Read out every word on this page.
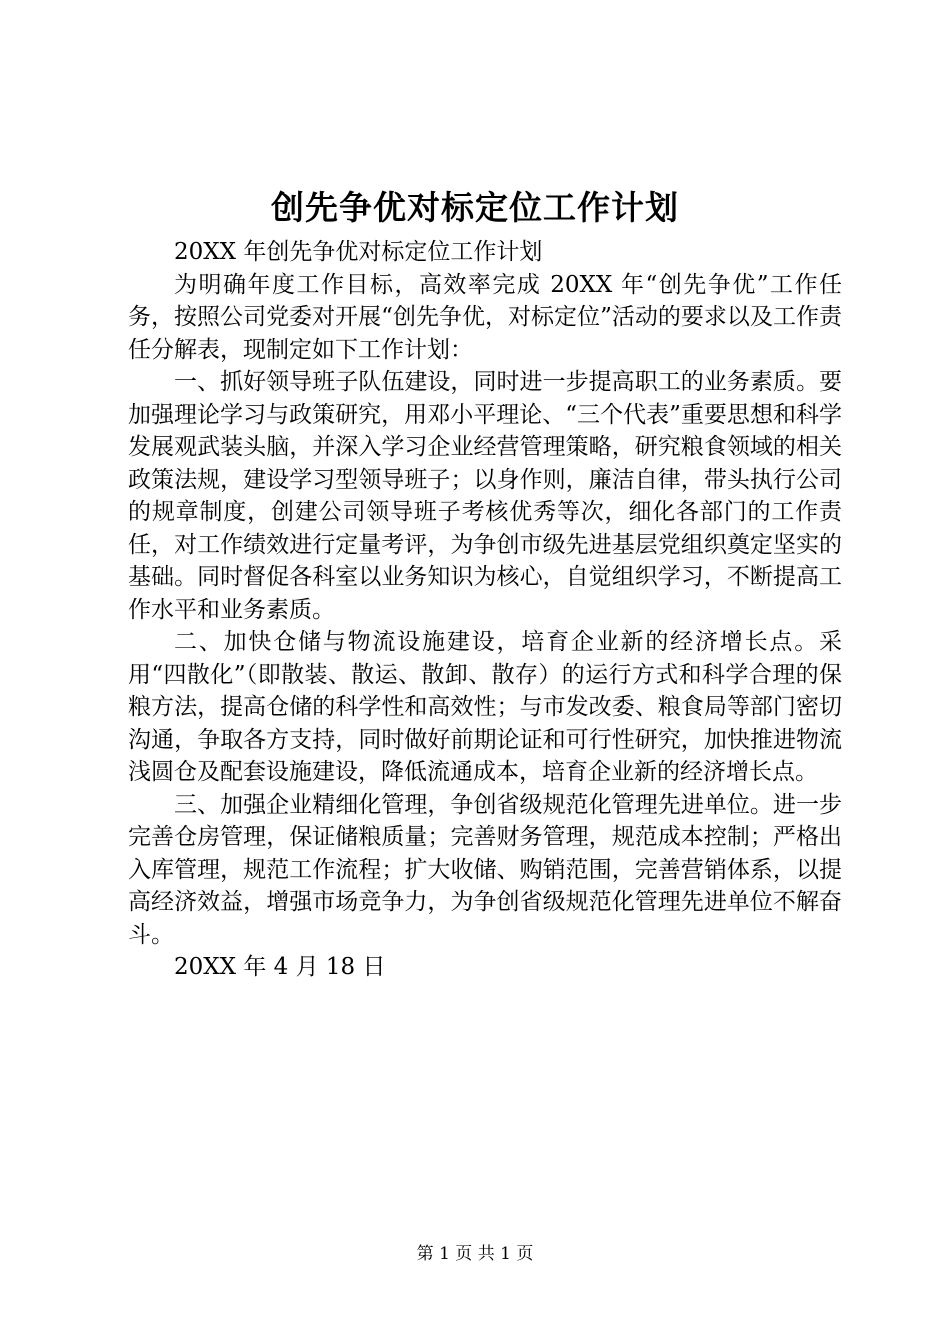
创先争优对标定位工作计划

20XX 年创先争优对标定位工作计划

为明确年度工作目标，高效率完成 20XX 年“创先争优”工作任务，按照公司党委对开展“创先争优，对标定位”活动的要求以及工作责任分解表，现制定如下工作计划：

一、抓好领导班子队伍建设，同时进一步提高职工的业务素质。要加强理论学习与政策研究，用邓小平理论、“三个代表”重要思想和科学发展观武装头脑，并深入学习企业经营管理策略，研究粮食领域的相关政策法规，建设学习型领导班子；以身作则，廉洁自律，带头执行公司的规章制度，创建公司领导班子考核优秀等次，细化各部门的工作责任，对工作绩效进行定量考评，为争创市级先进基层党组织奠定坚实的基础。同时督促各科室以业务知识为核心，自觉组织学习，不断提高工作水平和业务素质。

二、加快仓储与物流设施建设，培育企业新的经济增长点。采用“四散化”（即散装、散运、散卸、散存）的运行方式和科学合理的保粮方法，提高仓储的科学性和高效性；与市发改委、粮食局等部门密切沟通，争取各方支持，同时做好前期论证和可行性研究，加快推进物流浅圆仓及配套设施建设，降低流通成本，培育企业新的经济增长点。

三、加强企业精细化管理，争创省级规范化管理先进单位。进一步完善仓房管理，保证储粮质量；完善财务管理，规范成本控制；严格出入库管理，规范工作流程；扩大收储、购销范围，完善营销体系，以提高经济效益，增强市场竞争力，为争创省级规范化管理先进单位不解奋斗。

20XX 年 4 月 18 日

第 1 页 共 1 页
